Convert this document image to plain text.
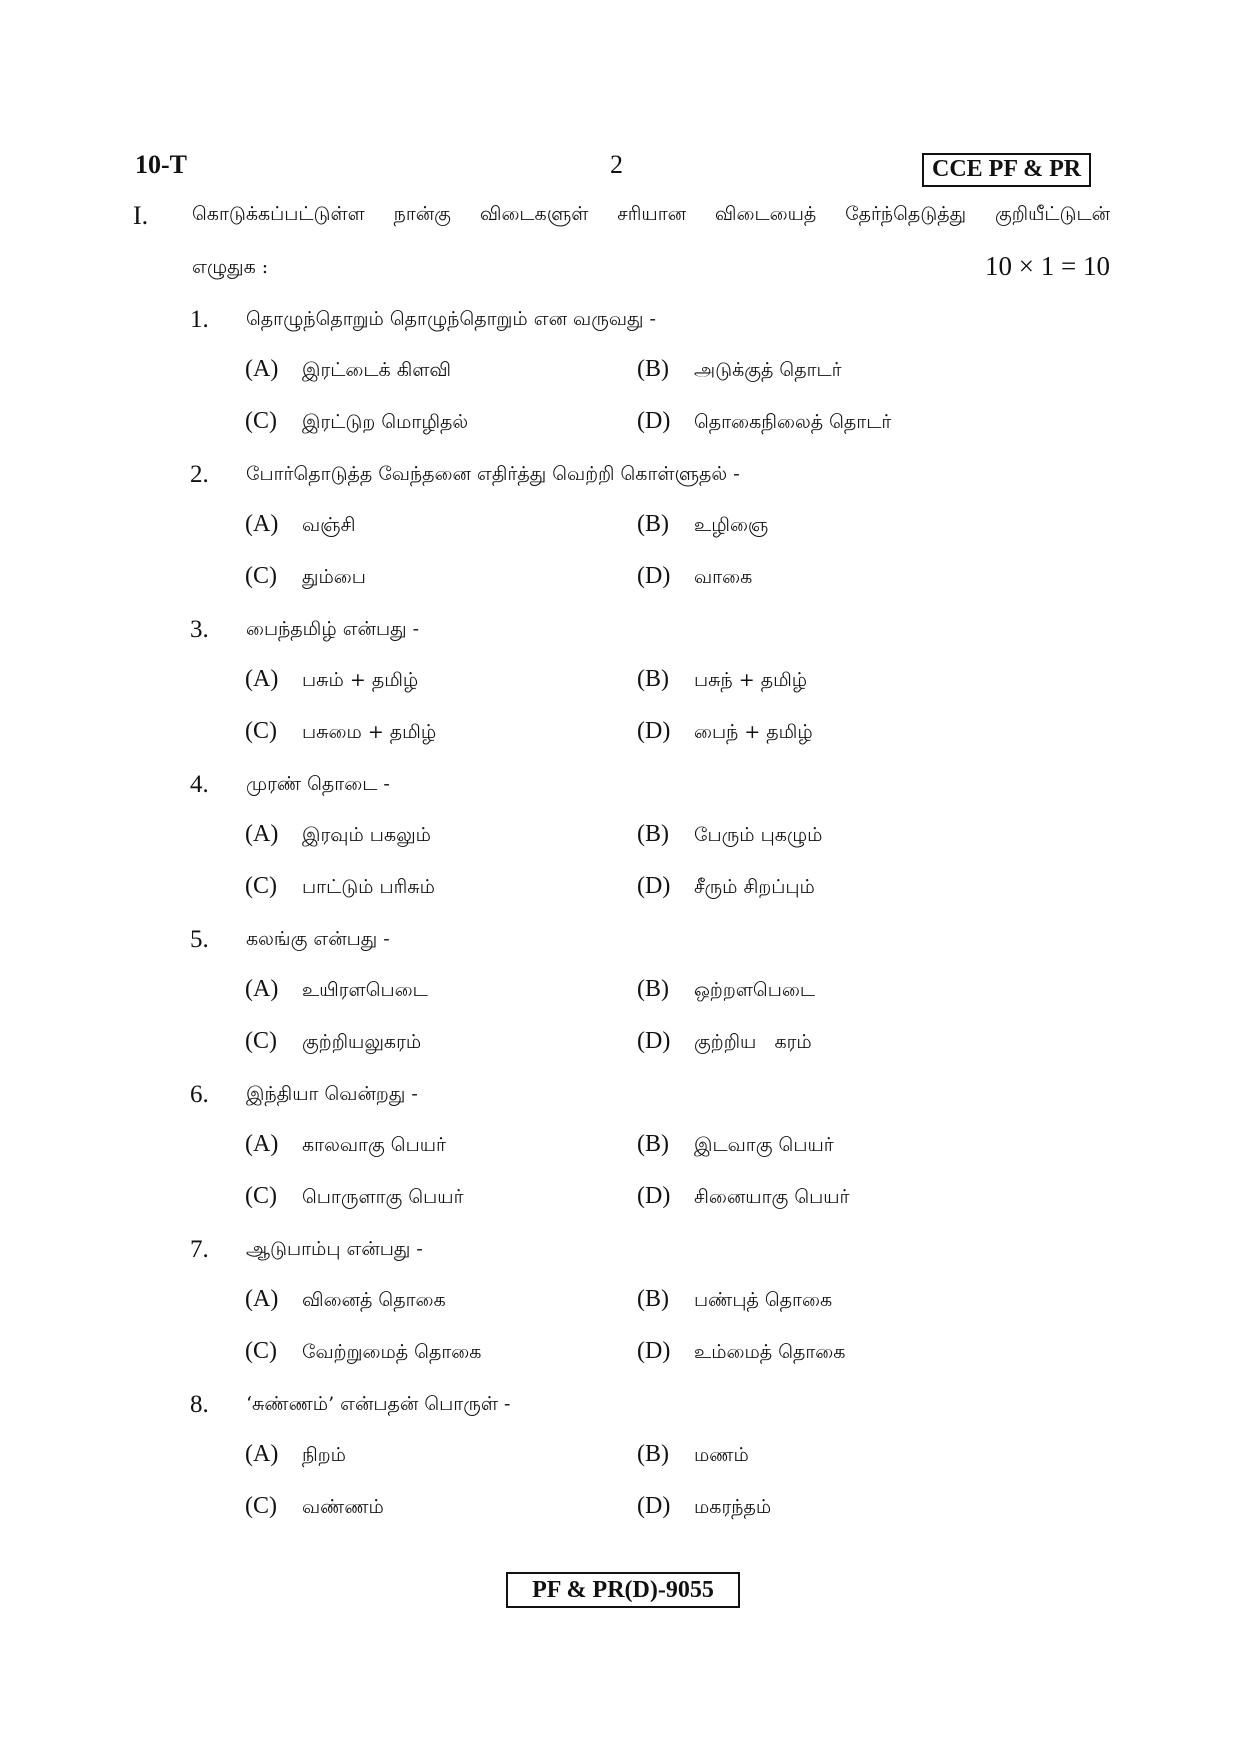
10-T	2	CCE PF & PR
I. கொடுக்கப்பட்டுள்ள நான்கு விடைகளுள் சரியான விடையைத் தேர்ந்தெடுத்து குறியீட்டுடன்
எழுதுக :	10 × 1 = 10
1. தொழுந்தொறும் தொழுந்தொறும் என வருவது -
(A) இரட்டைக் கிளவி	(B) அடுக்குத் தொடர்
(C) இரட்டுற மொழிதல்	(D) தொகைநிலைத் தொடர்
2. போர்தொடுத்த வேந்தனை எதிர்த்து வெற்றி கொள்ளுதல் -
(A) வஞ்சி	(B) உழிஞை
(C) தும்பை	(D) வாகை
3. பைந்தமிழ் என்பது -
(A) பசும் + தமிழ்	(B) பசுந் + தமிழ்
(C) பசுமை + தமிழ்	(D) பைந் + தமிழ்
4. முரண் தொடை -
(A) இரவும் பகலும்	(B) பேரும் புகழும்
(C) பாட்டும் பரிசும்	(D) சீரும் சிறப்பும்
5. கலங்கு என்பது -
(A) உயிரளபெடை	(B) ஒற்றளபெடை
(C) குற்றியலுகரம்	(D) குற்றிய   கரம்
6. இந்தியா வென்றது -
(A) காலவாகு பெயர்	(B) இடவாகு பெயர்
(C) பொருளாகு பெயர்	(D) சினையாகு பெயர்
7. ஆடுபாம்பு என்பது -
(A) வினைத் தொகை	(B) பண்புத் தொகை
(C) வேற்றுமைத் தொகை	(D) உம்மைத் தொகை
8. ‘சுண்ணம்’ என்பதன் பொருள் -
(A) நிறம்	(B) மணம்
(C) வண்ணம்	(D) மகரந்தம்
PF & PR(D)-9055
